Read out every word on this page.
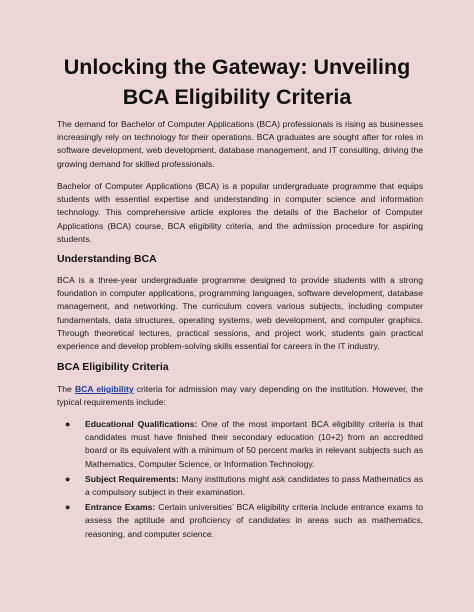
Unlocking the Gateway: Unveiling BCA Eligibility Criteria

The demand for Bachelor of Computer Applications (BCA) professionals is rising as businesses increasingly rely on technology for their operations. BCA graduates are sought after for roles in software development, web development, database management, and IT consulting, driving the growing demand for skilled professionals.

Bachelor of Computer Applications (BCA) is a popular undergraduate programme that equips students with essential expertise and understanding in computer science and information technology. This comprehensive article explores the details of the Bachelor of Computer Applications (BCA) course, BCA eligibility criteria, and the admission procedure for aspiring students.

Understanding BCA

BCA is a three-year undergraduate programme designed to provide students with a strong foundation in computer applications, programming languages, software development, database management, and networking. The curriculum covers various subjects, including computer fundamentals, data structures, operating systems, web development, and computer graphics. Through theoretical lectures, practical sessions, and project work, students gain practical experience and develop problem-solving skills essential for careers in the IT industry.

BCA Eligibility Criteria

The BCA eligibility criteria for admission may vary depending on the institution. However, the typical requirements include:

● Educational Qualifications: One of the most important BCA eligibility criteria is that candidates must have finished their secondary education (10+2) from an accredited board or its equivalent with a minimum of 50 percent marks in relevant subjects such as Mathematics, Computer Science, or Information Technology.
● Subject Requirements: Many institutions might ask candidates to pass Mathematics as a compulsory subject in their examination.
● Entrance Exams: Certain universities’ BCA eligibility criteria include entrance exams to assess the aptitude and proficiency of candidates in areas such as mathematics, reasoning, and computer science.
